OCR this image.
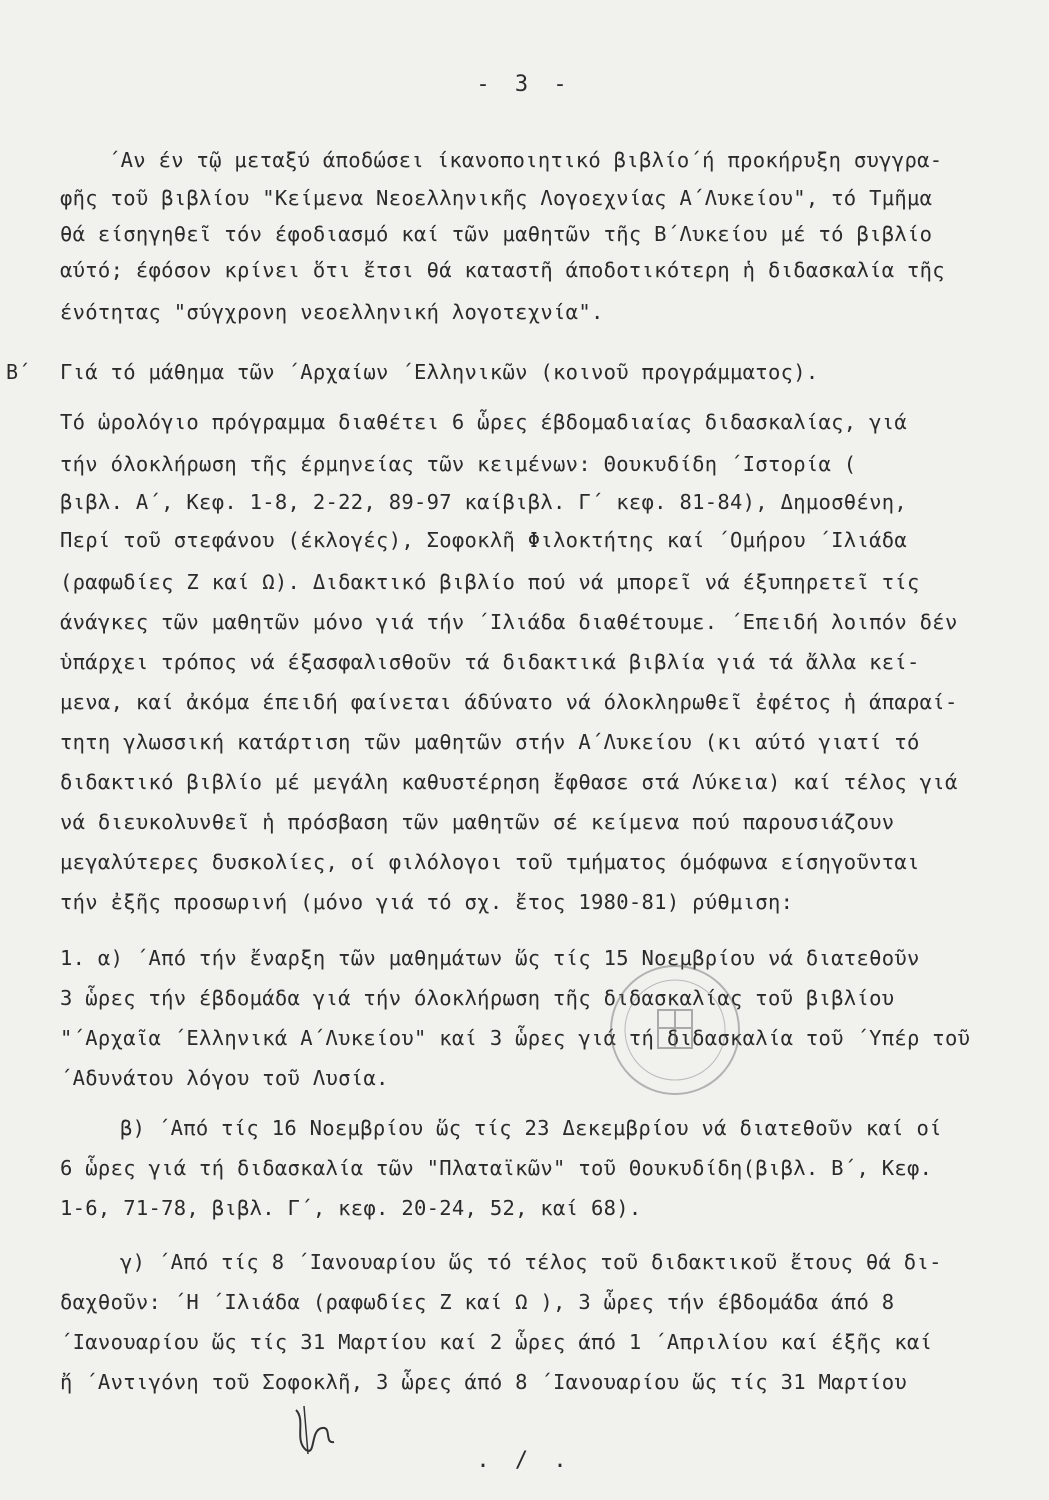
- 3 -
Β΄
΄Αν έν τῷ μεταξύ άποδώσει ίκανοποιητικό βιβλίο΄ή προκήρυξη συγγρα-
φῆς τοῦ βιβλίου "Κείμενα Νεοελληνικῆς Λογοεχνίας Α΄Λυκείου", τό Τμῆμα
θά είσηγηθεῖ τόν έφοδιασμό καί τῶν μαθητῶν τῆς Β΄Λυκείου μέ τό βιβλίο
αύτό; έφόσον κρίνει ὅτι ἔτσι θά καταστῆ άποδοτικότερη ἡ διδασκαλία τῆς
ένότητας "σύγχρονη νεοελληνική λογοτεχνία".
Γιά τό μάθημα τῶν ΄Αρχαίων ΄Ελληνικῶν (κοινοῦ προγράμματος).
Τό ὡρολόγιο πρόγραμμα διαθέτει 6 ὧρες έβδομαδιαίας διδασκαλίας, γιά
τήν όλοκλήρωση τῆς έρμηνείας τῶν κειμένων: Θουκυδίδη ΄Ιστορία (
βιβλ. Α΄, Κεφ. 1-8, 2-22, 89-97 καίβιβλ. Γ΄ κεφ. 81-84), Δημοσθένη,
Περί τοῦ στεφάνου (έκλογές), Σοφοκλῆ Φιλοκτήτης καί ΄Ομήρου ΄Ιλιάδα
(ραφωδίες Ζ καί Ω). Διδακτικό βιβλίο πού νά μπορεῖ νά έξυπηρετεῖ τίς
άνάγκες τῶν μαθητῶν μόνο γιά τήν ΄Ιλιάδα διαθέτουμε. ΄Επειδή λοιπόν δέν
ὑπάρχει τρόπος νά έξασφαλισθοῦν τά διδακτικά βιβλία γιά τά ἄλλα κεί-
μενα, καί ἀκόμα έπειδή φαίνεται άδύνατο νά όλοκληρωθεῖ ἐφέτος ἡ άπαραί-
τητη γλωσσική κατάρτιση τῶν μαθητῶν στήν Α΄Λυκείου (κι αύτό γιατί τό
διδακτικό βιβλίο μέ μεγάλη καθυστέρηση ἔφθασε στά Λύκεια) καί τέλος γιά
νά διευκολυνθεῖ ἡ πρόσβαση τῶν μαθητῶν σέ κείμενα πού παρουσιάζουν
μεγαλύτερες δυσκολίες, οί φιλόλογοι τοῦ τμήματος όμόφωνα είσηγοῦνται
τήν ἐξῆς προσωρινή (μόνο γιά τό σχ. ἔτος 1980-81) ρύθμιση:
1. α) ΄Από τήν ἔναρξη τῶν μαθημάτων ὥς τίς 15 Νοεμβρίου νά διατεθοῦν
3 ὧρες τήν έβδομάδα γιά τήν όλοκλήρωση τῆς διδασκαλίας τοῦ βιβλίου
"΄Αρχαῖα ΄Ελληνικά Α΄Λυκείου" καί 3 ὧρες γιά τή διδασκαλία τοῦ ΄Υπέρ τοῦ
΄Αδυνάτου λόγου τοῦ Λυσία.
β) ΄Από τίς 16 Νοεμβρίου ὥς τίς 23 Δεκεμβρίου νά διατεθοῦν καί οί
6 ὧρες γιά τή διδασκαλία τῶν "Πλαταϊκῶν" τοῦ Θουκυδίδη(βιβλ. Β΄, Κεφ.
1-6, 71-78, βιβλ. Γ΄, κεφ. 20-24, 52, καί 68).
γ) ΄Από τίς 8 ΄Ιανουαρίου ὥς τό τέλος τοῦ διδακτικοῦ ἔτους θά δι-
δαχθοῦν: ΄Η ΄Ιλιάδα (ραφωδίες Ζ καί Ω ), 3 ὧρες τήν έβδομάδα άπό 8
΄Ιανουαρίου ὥς τίς 31 Μαρτίου καί 2 ὧρες άπό 1 ΄Απριλίου καί έξῆς καί
ἤ ΄Αντιγόνη τοῦ Σοφοκλῆ, 3 ὧρες άπό 8 ΄Ιανουαρίου ὥς τίς 31 Μαρτίου
. / .
